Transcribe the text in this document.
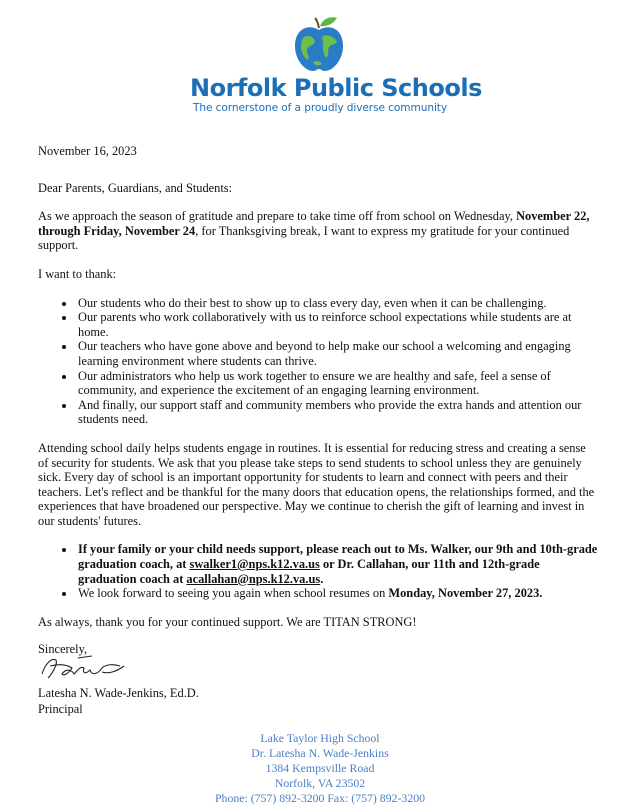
Norfolk Public Schools
The cornerstone of a proudly diverse community

November 16, 2023

Dear Parents, Guardians, and Students:

As we approach the season of gratitude and prepare to take time off from school on Wednesday, November 22, through Friday, November 24, for Thanksgiving break, I want to express my gratitude for your continued support.

I want to thank:

• Our students who do their best to show up to class every day, even when it can be challenging.
• Our parents who work collaboratively with us to reinforce school expectations while students are at home.
• Our teachers who have gone above and beyond to help make our school a welcoming and engaging learning environment where students can thrive.
• Our administrators who help us work together to ensure we are healthy and safe, feel a sense of community, and experience the excitement of an engaging learning environment.
• And finally, our support staff and community members who provide the extra hands and attention our students need.

Attending school daily helps students engage in routines. It is essential for reducing stress and creating a sense of security for students. We ask that you please take steps to send students to school unless they are genuinely sick. Every day of school is an important opportunity for students to learn and connect with peers and their teachers. Let's reflect and be thankful for the many doors that education opens, the relationships formed, and the experiences that have broadened our perspective. May we continue to cherish the gift of learning and invest in our students' futures.

• If your family or your child needs support, please reach out to Ms. Walker, our 9th and 10th-grade graduation coach, at swalker1@nps.k12.va.us or Dr. Callahan, our 11th and 12th-grade graduation coach at acallahan@nps.k12.va.us.
• We look forward to seeing you again when school resumes on Monday, November 27, 2023.

As always, thank you for your continued support. We are TITAN STRONG!

Sincerely,
Latesha N. Wade-Jenkins, Ed.D.
Principal
Lake Taylor High School
Dr. Latesha N. Wade-Jenkins
1384 Kempsville Road
Norfolk, VA 23502
Phone: (757) 892-3200 Fax: (757) 892-3200
